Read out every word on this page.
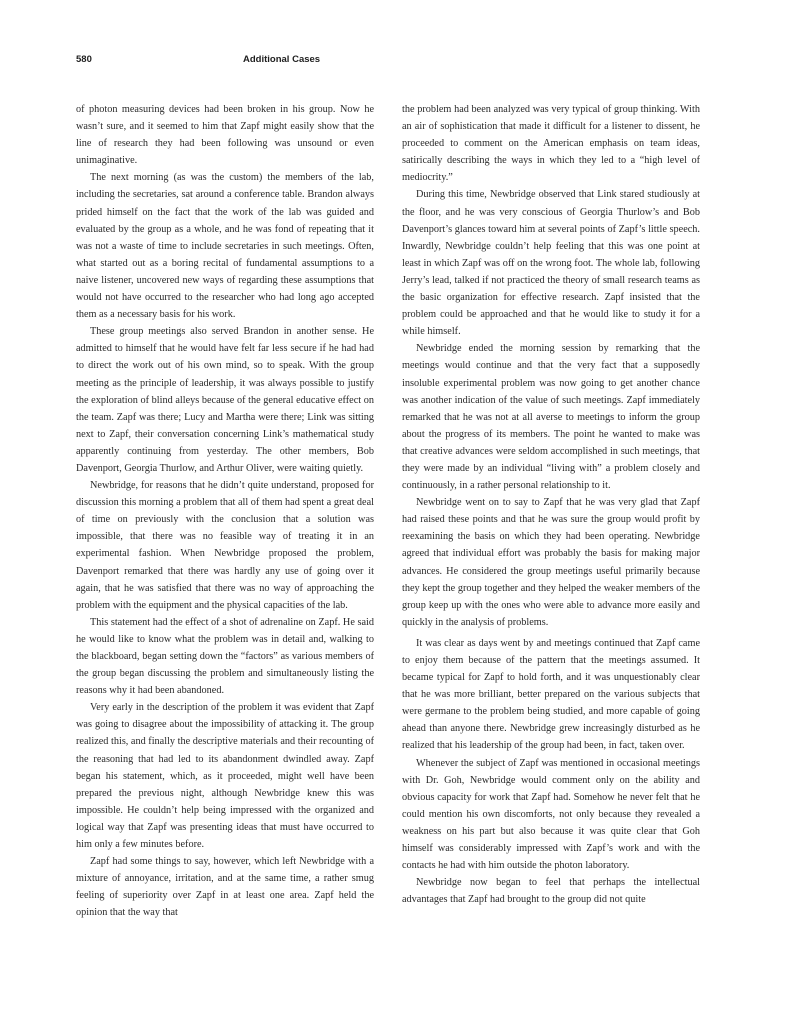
580	Additional Cases

of photon measuring devices had been broken in his group. Now he wasn’t sure, and it seemed to him that Zapf might easily show that the line of research they had been following was unsound or even unimaginative.

The next morning (as was the custom) the members of the lab, including the secretaries, sat around a conference table. Brandon always prided himself on the fact that the work of the lab was guided and evaluated by the group as a whole, and he was fond of repeating that it was not a waste of time to include secretaries in such meetings. Often, what started out as a boring recital of fundamental assumptions to a naive listener, uncovered new ways of regarding these assumptions that would not have occurred to the researcher who had long ago accepted them as a necessary basis for his work.

These group meetings also served Brandon in another sense. He admitted to himself that he would have felt far less secure if he had had to direct the work out of his own mind, so to speak. With the group meeting as the principle of leadership, it was always possible to justify the exploration of blind alleys because of the general educative effect on the team. Zapf was there; Lucy and Martha were there; Link was sitting next to Zapf, their conversation concerning Link’s mathematical study apparently continuing from yesterday. The other members, Bob Davenport, Georgia Thurlow, and Arthur Oliver, were waiting quietly.

Newbridge, for reasons that he didn’t quite understand, proposed for discussion this morning a problem that all of them had spent a great deal of time on previously with the conclusion that a solution was impossible, that there was no feasible way of treating it in an experimental fashion. When Newbridge proposed the problem, Davenport remarked that there was hardly any use of going over it again, that he was satisfied that there was no way of approaching the problem with the equipment and the physical capacities of the lab.

This statement had the effect of a shot of adrenaline on Zapf. He said he would like to know what the problem was in detail and, walking to the blackboard, began setting down the “factors” as various members of the group began discussing the problem and simultaneously listing the reasons why it had been abandoned.

Very early in the description of the problem it was evident that Zapf was going to disagree about the impossibility of attacking it. The group realized this, and finally the descriptive materials and their recounting of the reasoning that had led to its abandonment dwindled away. Zapf began his statement, which, as it proceeded, might well have been prepared the previous night, although Newbridge knew this was impossible. He couldn’t help being impressed with the organized and logical way that Zapf was presenting ideas that must have occurred to him only a few minutes before.

Zapf had some things to say, however, which left Newbridge with a mixture of annoyance, irritation, and at the same time, a rather smug feeling of superiority over Zapf in at least one area. Zapf held the opinion that the way that

the problem had been analyzed was very typical of group thinking. With an air of sophistication that made it difficult for a listener to dissent, he proceeded to comment on the American emphasis on team ideas, satirically describing the ways in which they led to a “high level of mediocrity.”

During this time, Newbridge observed that Link stared studiously at the floor, and he was very conscious of Georgia Thurlow’s and Bob Davenport’s glances toward him at several points of Zapf’s little speech. Inwardly, Newbridge couldn’t help feeling that this was one point at least in which Zapf was off on the wrong foot. The whole lab, following Jerry’s lead, talked if not practiced the theory of small research teams as the basic organization for effective research. Zapf insisted that the problem could be approached and that he would like to study it for a while himself.

Newbridge ended the morning session by remarking that the meetings would continue and that the very fact that a supposedly insoluble experimental problem was now going to get another chance was another indication of the value of such meetings. Zapf immediately remarked that he was not at all averse to meetings to inform the group about the progress of its members. The point he wanted to make was that creative advances were seldom accomplished in such meetings, that they were made by an individual “living with” a problem closely and continuously, in a rather personal relationship to it.

Newbridge went on to say to Zapf that he was very glad that Zapf had raised these points and that he was sure the group would profit by reexamining the basis on which they had been operating. Newbridge agreed that individual effort was probably the basis for making major advances. He considered the group meetings useful primarily because they kept the group together and they helped the weaker members of the group keep up with the ones who were able to advance more easily and quickly in the analysis of problems.

It was clear as days went by and meetings continued that Zapf came to enjoy them because of the pattern that the meetings assumed. It became typical for Zapf to hold forth, and it was unquestionably clear that he was more brilliant, better prepared on the various subjects that were germane to the problem being studied, and more capable of going ahead than anyone there. Newbridge grew increasingly disturbed as he realized that his leadership of the group had been, in fact, taken over.

Whenever the subject of Zapf was mentioned in occasional meetings with Dr. Goh, Newbridge would comment only on the ability and obvious capacity for work that Zapf had. Somehow he never felt that he could mention his own discomforts, not only because they revealed a weakness on his part but also because it was quite clear that Goh himself was considerably impressed with Zapf’s work and with the contacts he had with him outside the photon laboratory.

Newbridge now began to feel that perhaps the intellectual advantages that Zapf had brought to the group did not quite
